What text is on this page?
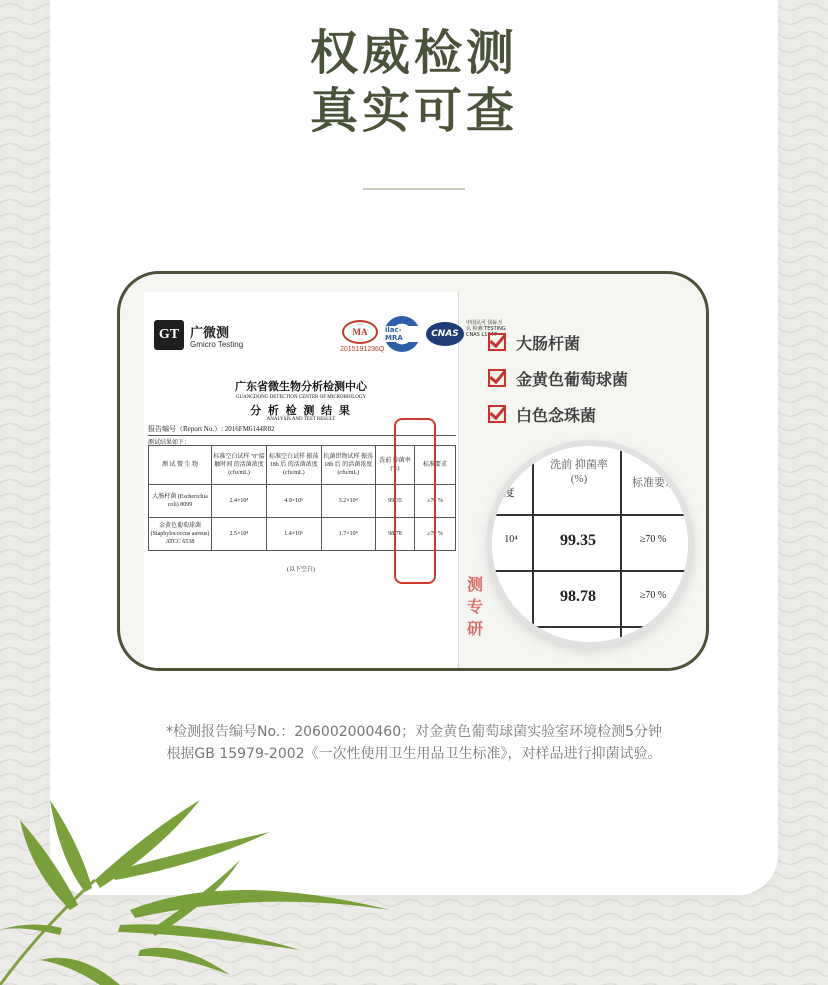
权威检测
真实可查
GT 广微测
Gmicro Testing
MA
2015191236Q
ilac-MRA	CNAS
中国认可 国际互认 检测 TESTING CNAS L1747
广东省微生物分析检测中心
GUANGDONG DETECTION CENTER OF MICROBIOLOGY
分 析 检 测 结 果
ANALYSIS AND TEST RESULT
报告编号（Report No.）: 2016FM6144R02
测试结果如下：
测 试 微 生 物	标准空白试样 "0"接触时间 的活菌浓度 (cfu/mL)	标准空白试样 振荡 18h 后 的活菌浓度 (cfu/mL)	抗菌织物试样 振荡 18h 后 的活菌浓度 (cfu/mL)	洗前 抑菌率 (%)	标准要求
大肠杆菌 (Escherichia coli) 8099	2.4×10⁴	4.9×10⁶	3.2×10⁴	99.35	≥70 %
金黄色葡萄球菌 (Staphylococcus aureus) ATCC 6538	2.5×10⁴	1.4×10⁶	1.7×10⁴	98.78	≥70 %
(以下空白)
测 专 研
大肠杆菌
金黄色葡萄球菌
白色念珠菌
度
洗前 抑菌率 (%)	标准要求
10⁴	99.35	≥70 %
98.78	≥70 %
*检测报告编号No.：206002000460；对金黄色葡萄球菌实验室环境检测5分钟
根据GB 15979-2002《一次性使用卫生用品卫生标准》，对样品进行抑菌试验。
